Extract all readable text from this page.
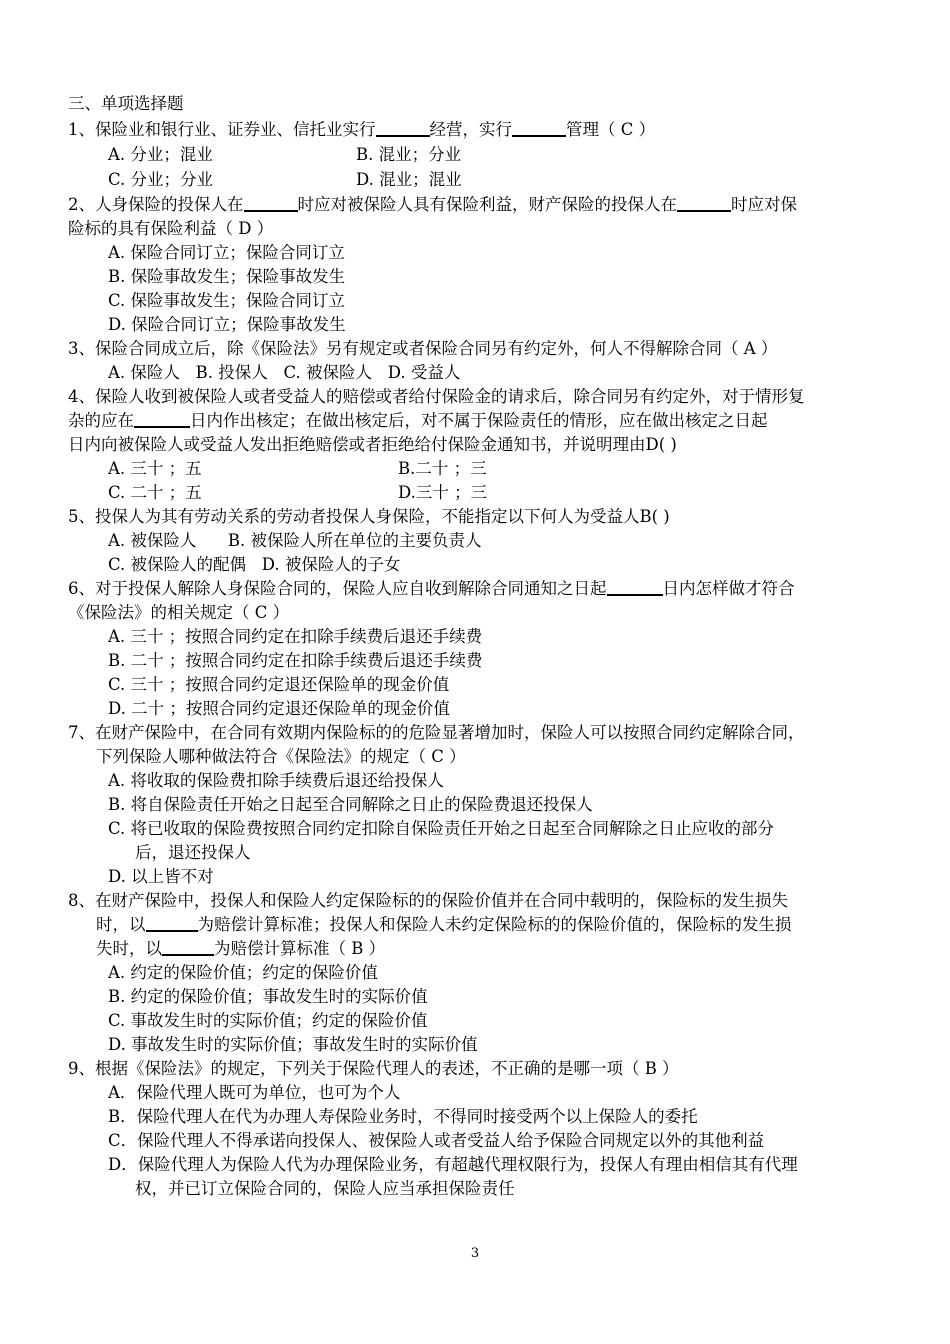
三、单项选择题
1、保险业和银行业、证券业、信托业实行	经营，实行	管理（ C ）
A. 分业；混业	B. 混业；分业
C. 分业；分业	D. 混业；混业
2、人身保险的投保人在	时应对被保险人具有保险利益，财产保险的投保人在	时应对保
险标的具有保险利益（ D ）
A. 保险合同订立；保险合同订立
B. 保险事故发生；保险事故发生
C. 保险事故发生；保险合同订立
D. 保险合同订立；保险事故发生
3、保险合同成立后，除《保险法》另有规定或者保险合同另有约定外，何人不得解除合同（ A ）
A. 保险人   B. 投保人   C. 被保险人   D. 受益人
4、保险人收到被保险人或者受益人的赔偿或者给付保险金的请求后，除合同另有约定外，对于情形复
杂的应在	日内作出核定；在做出核定后，对不属于保险责任的情形，应在做出核定之日起
日内向被保险人或受益人发出拒绝赔偿或者拒绝给付保险金通知书，并说明理由D( )
A. 三十 ；五	B.二十 ；三
C. 二十 ；五	D.三十 ；三
5、投保人为其有劳动关系的劳动者投保人身保险，不能指定以下何人为受益人B( )
A. 被保险人      B. 被保险人所在单位的主要负责人
C. 被保险人的配偶   D. 被保险人的子女
6、对于投保人解除人身保险合同的，保险人应自收到解除合同通知之日起	日内怎样做才符合
《保险法》的相关规定（ C ）
A. 三十 ；按照合同约定在扣除手续费后退还手续费
B. 二十 ；按照合同约定在扣除手续费后退还手续费
C. 三十 ；按照合同约定退还保险单的现金价值
D. 二十 ；按照合同约定退还保险单的现金价值
7、在财产保险中，在合同有效期内保险标的的危险显著增加时，保险人可以按照合同约定解除合同，
下列保险人哪种做法符合《保险法》的规定（ C ）
A. 将收取的保险费扣除手续费后退还给投保人
B. 将自保险责任开始之日起至合同解除之日止的保险费退还投保人
C. 将已收取的保险费按照合同约定扣除自保险责任开始之日起至合同解除之日止应收的部分
后，退还投保人
D. 以上皆不对
8、在财产保险中，投保人和保险人约定保险标的的保险价值并在合同中载明的，保险标的发生损失
时，以	为赔偿计算标准；投保人和保险人未约定保险标的的保险价值的，保险标的发生损
失时，以	为赔偿计算标准（ B ）
A. 约定的保险价值；约定的保险价值
B. 约定的保险价值；事故发生时的实际价值
C. 事故发生时的实际价值；约定的保险价值
D. 事故发生时的实际价值；事故发生时的实际价值
9、根据《保险法》的规定，下列关于保险代理人的表述，不正确的是哪一项（ B ）
A．保险代理人既可为单位，也可为个人
B．保险代理人在代为办理人寿保险业务时，不得同时接受两个以上保险人的委托
C．保险代理人不得承诺向投保人、被保险人或者受益人给予保险合同规定以外的其他利益
D．保险代理人为保险人代为办理保险业务，有超越代理权限行为，投保人有理由相信其有代理
权，并已订立保险合同的，保险人应当承担保险责任
3
